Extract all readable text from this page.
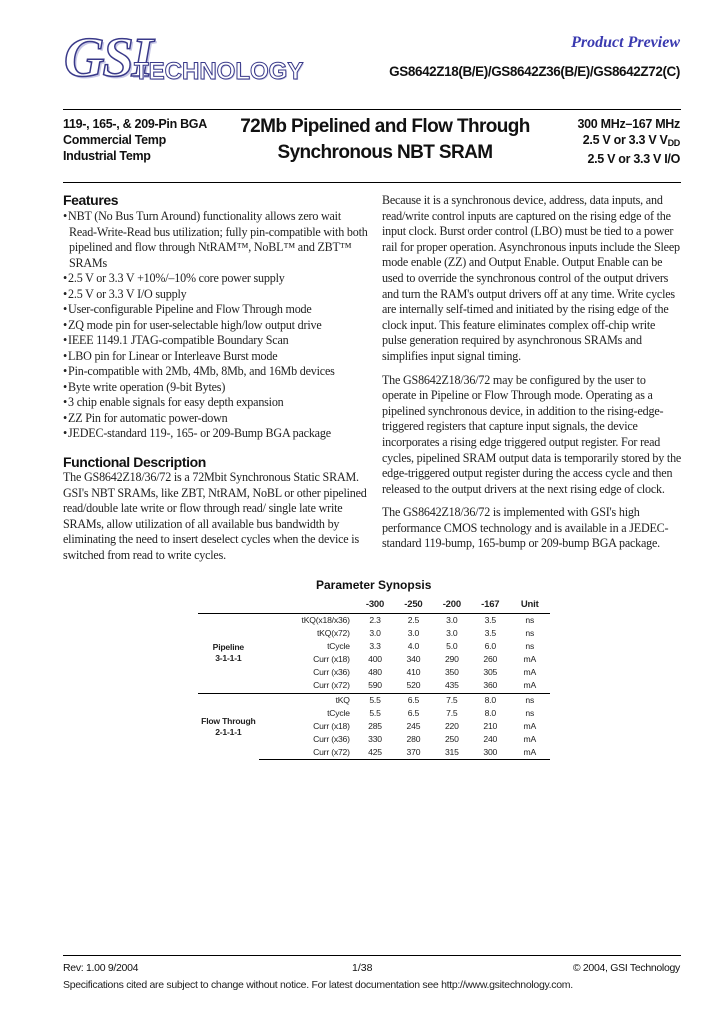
GSI
TECHNOLOGY
Product Preview
GS8642Z18(B/E)/GS8642Z36(B/E)/GS8642Z72(C)
119-, 165-, & 209-Pin BGA
Commercial Temp
Industrial Temp
72Mb Pipelined and Flow Through
Synchronous NBT SRAM
300 MHz–167 MHz
2.5 V or 3.3 V $V_{DD}$
2.5 V or 3.3 V I/O
Features
• NBT (No Bus Turn Around) functionality allows zero wait Read-Write-Read bus utilization; fully pin-compatible with both pipelined and flow through NtRAM™, NoBL™ and ZBT™ SRAMs
• 2.5 V or 3.3 V +10%/–10% core power supply
• 2.5 V or 3.3 V I/O supply
• User-configurable Pipeline and Flow Through mode
• ZQ mode pin for user-selectable high/low output drive
• IEEE 1149.1 JTAG-compatible Boundary Scan
• LBO pin for Linear or Interleave Burst mode
• Pin-compatible with 2Mb, 4Mb, 8Mb, and 16Mb devices
• Byte write operation (9-bit Bytes)
• 3 chip enable signals for easy depth expansion
• ZZ Pin for automatic power-down
• JEDEC-standard 119-, 165- or 209-Bump BGA package
Functional Description

The GS8642Z18/36/72 is a 72Mbit Synchronous Static SRAM. GSI's NBT SRAMs, like ZBT, NtRAM, NoBL or other pipelined read/double late write or flow through read/ single late write SRAMs, allow utilization of all available bus bandwidth by eliminating the need to insert deselect cycles when the device is switched from read to write cycles.

Because it is a synchronous device, address, data inputs, and read/write control inputs are captured on the rising edge of the input clock. Burst order control (LBO) must be tied to a power rail for proper operation. Asynchronous inputs include the Sleep mode enable (ZZ) and Output Enable. Output Enable can be used to override the synchronous control of the output drivers and turn the RAM's output drivers off at any time. Write cycles are internally self-timed and initiated by the rising edge of the clock input. This feature eliminates complex off-chip write pulse generation required by asynchronous SRAMs and simplifies input signal timing.

The GS8642Z18/36/72 may be configured by the user to operate in Pipeline or Flow Through mode. Operating as a pipelined synchronous device, in addition to the rising-edge-triggered registers that capture input signals, the device incorporates a rising edge triggered output register. For read cycles, pipelined SRAM output data is temporarily stored by the edge-triggered output register during the access cycle and then released to the output drivers at the next rising edge of clock.

The GS8642Z18/36/72 is implemented with GSI's high performance CMOS technology and is available in a JEDEC-standard 119-bump, 165-bump or 209-bump BGA package.

Parameter Synopsis
		-300	-250	-200	-167	Unit
Pipeline
3-1-1-1	tKQ(x18/x36)	2.3	2.5	3.0	3.5	ns
	tKQ(x72)	3.0	3.0	3.0	3.5	ns
	tCycle	3.3	4.0	5.0	6.0	ns
	Curr (x18)	400	340	290	260	mA
	Curr (x36)	480	410	350	305	mA
	Curr (x72)	590	520	435	360	mA
Flow Through
2-1-1-1	tKQ	5.5	6.5	7.5	8.0	ns
	tCycle	5.5	6.5	7.5	8.0	ns
	Curr (x18)	285	245	220	210	mA
	Curr (x36)	330	280	250	240	mA
	Curr (x72)	425	370	315	300	mA
Rev: 1.00 9/2004	1/38	© 2004, GSI Technology
Specifications cited are subject to change without notice. For latest documentation see http://www.gsitechnology.com.
